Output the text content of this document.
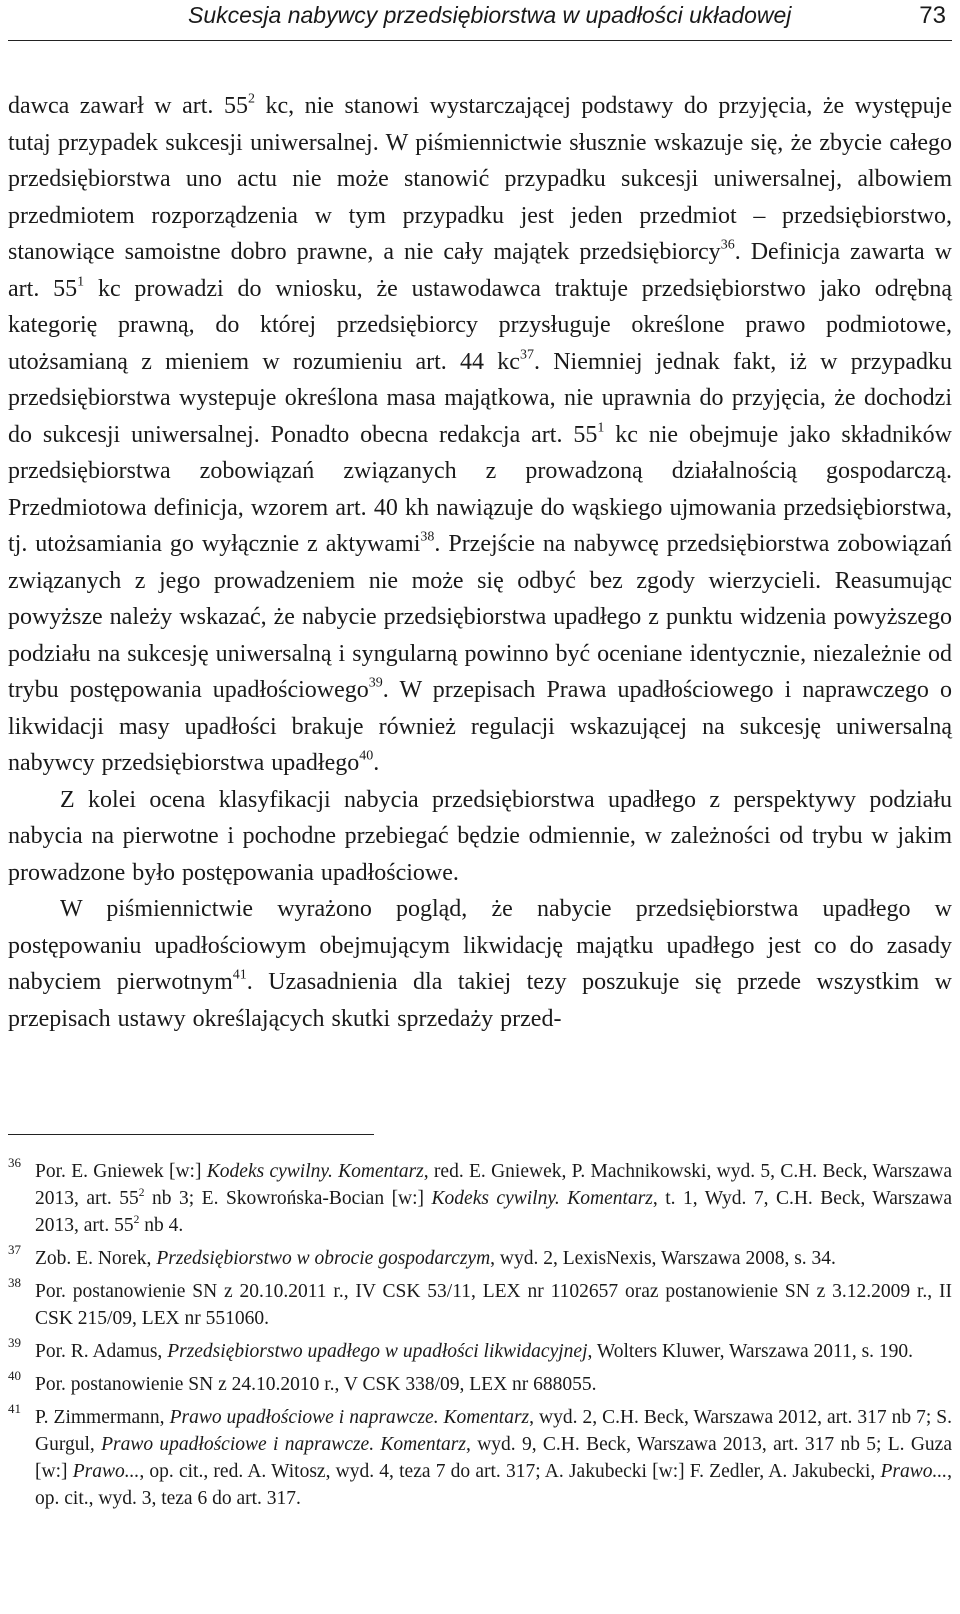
Sukcesja nabywcy przedsiębiorstwa w upadłości układowej	73

dawca zawarł w art. $55^2$ kc, nie stanowi wystarczającej podstawy do przyjęcia, że występuje tutaj przypadek sukcesji uniwersalnej. W piśmiennictwie słusznie wskazuje się, że zbycie całego przedsiębiorstwa uno actu nie może stanowić przypadku sukcesji uniwersalnej, albowiem przedmiotem rozporządzenia w tym przypadku jest jeden przedmiot – przedsiębiorstwo, stanowiące samoistne dobro prawne, a nie cały majątek przedsiębiorcy$^{36}$. Definicja zawarta w art. $55^1$ kc prowadzi do wniosku, że ustawodawca traktuje przedsiębiorstwo jako odrębną kategorię prawną, do której przedsiębiorcy przysługuje określone prawo podmiotowe, utożsamianą z mieniem w rozumieniu art. 44 $kc^{37}$. Niemniej jednak fakt, iż w przypadku przedsiębiorstwa wystepuje określona masa majątkowa, nie uprawnia do przyjęcia, że dochodzi do sukcesji uniwersalnej. Ponadto obecna redakcja art. $55^1$ kc nie obejmuje jako składników przedsiębiorstwa zobowiązań związanych z prowadzoną działalnością gospodarczą. Przedmiotowa definicja, wzorem art. 40 kh nawiązuje do wąskiego ujmowania przedsiębiorstwa, tj. utożsamiania go wyłącznie z aktywami$^{38}$. Przejście na nabywcę przedsiębiorstwa zobowiązań związanych z jego prowadzeniem nie może się odbyć bez zgody wierzycieli. Reasumując powyższe należy wskazać, że nabycie przedsiębiorstwa upadłego z punktu widzenia powyższego podziału na sukcesję uniwersalną i syngularną powinno być oceniane identycznie, niezależnie od trybu postępowania upadłościowego$^{39}$. W przepisach Prawa upadłościowego i naprawczego o likwidacji masy upadłości brakuje również regulacji wskazującej na sukcesję uniwersalną nabywcy przedsiębiorstwa upadłego$^{40}$.

Z kolei ocena klasyfikacji nabycia przedsiębiorstwa upadłego z perspektywy podziału nabycia na pierwotne i pochodne przebiegać będzie odmiennie, w zależności od trybu w jakim prowadzone było postępowania upadłościowe.

W piśmiennictwie wyrażono pogląd, że nabycie przedsiębiorstwa upadłego w postępowaniu upadłościowym obejmującym likwidację majątku upadłego jest co do zasady nabyciem pierwotnym$^{41}$. Uzasadnienia dla takiej tezy poszukuje się przede wszystkim w przepisach ustawy określających skutki sprzedaży przed-

36 Por. E. Gniewek [w:] Kodeks cywilny. Komentarz, red. E. Gniewek, P. Machnikowski, wyd. 5, C.H. Beck, Warszawa 2013, art. $55^2$ nb 3; E. Skowrońska-Bocian [w:] Kodeks cywilny. Komentarz, t. 1, Wyd. 7, C.H. Beck, Warszawa 2013, art. $55^2$ nb 4.
37 Zob. E. Norek, Przedsiębiorstwo w obrocie gospodarczym, wyd. 2, LexisNexis, Warszawa 2008, s. 34.
38 Por. postanowienie SN z 20.10.2011 r., IV CSK 53/11, LEX nr 1102657 oraz postanowienie SN z 3.12.2009 r., II CSK 215/09, LEX nr 551060.
39 Por. R. Adamus, Przedsiębiorstwo upadłego w upadłości likwidacyjnej, Wolters Kluwer, Warszawa 2011, s. 190.
40 Por. postanowienie SN z 24.10.2010 r., V CSK 338/09, LEX nr 688055.
41 P. Zimmermann, Prawo upadłościowe i naprawcze. Komentarz, wyd. 2, C.H. Beck, Warszawa 2012, art. 317 nb 7; S. Gurgul, Prawo upadłościowe i naprawcze. Komentarz, wyd. 9, C.H. Beck, Warszawa 2013, art. 317 nb 5; L. Guza [w:] Prawo..., op. cit., red. A. Witosz, wyd. 4, teza 7 do art. 317; A. Jakubecki [w:] F. Zedler, A. Jakubecki, Prawo..., op. cit., wyd. 3, teza 6 do art. 317.
